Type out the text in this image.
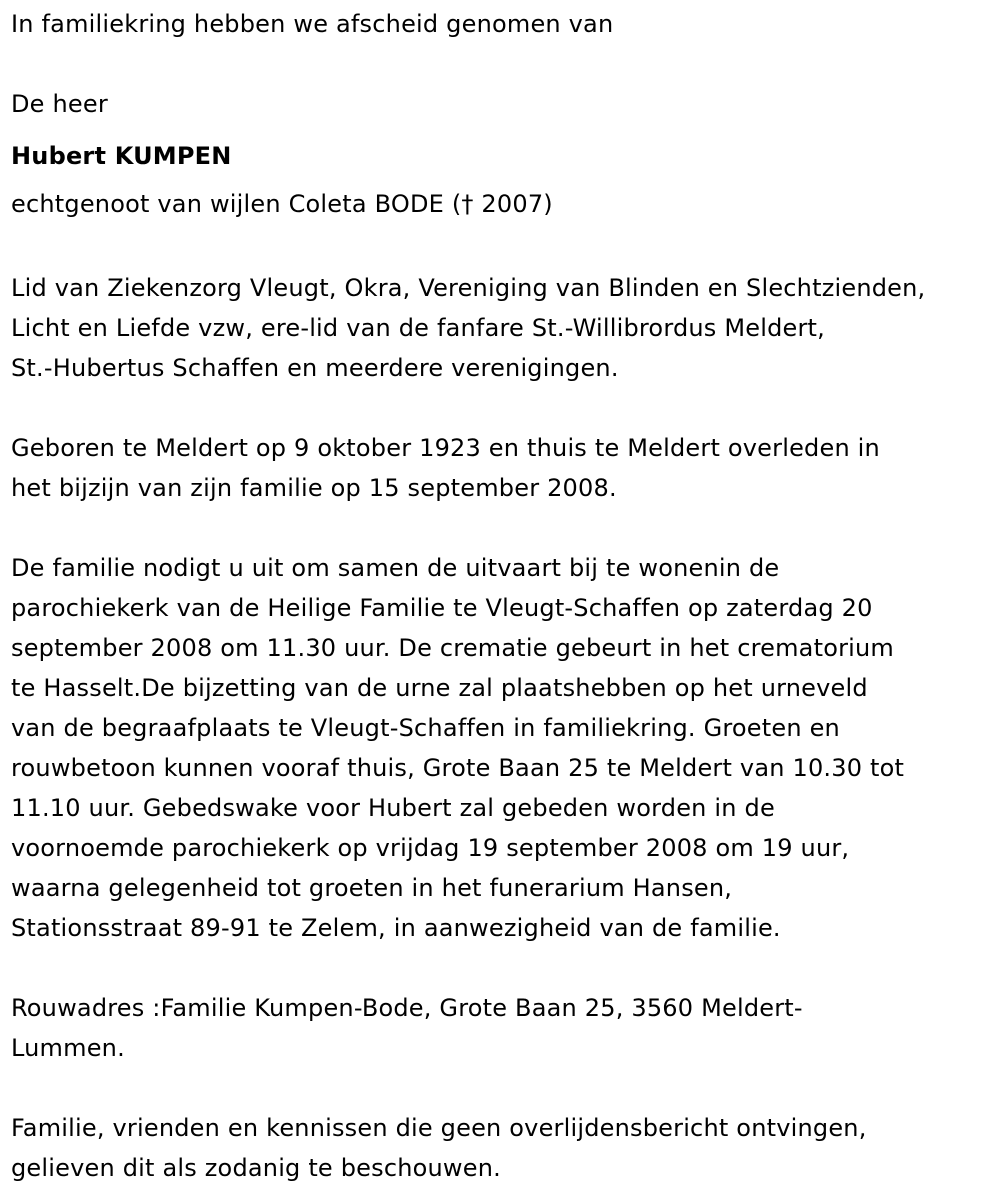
In familiekring hebben we afscheid genomen van

De heer

Hubert KUMPEN

echtgenoot van wijlen Coleta BODE († 2007)

Lid van Ziekenzorg Vleugt, Okra, Vereniging van Blinden en Slechtzienden,

Licht en Liefde vzw, ere-lid van de fanfare St.-Willibrordus Meldert,

St.-Hubertus Schaffen en meerdere verenigingen.

Geboren te Meldert op 9 oktober 1923 en thuis te Meldert overleden in

het bijzijn van zijn familie op 15 september 2008.

De familie nodigt u uit om samen de uitvaart bij te wonenin de

parochiekerk van de Heilige Familie te Vleugt-Schaffen op zaterdag 20

september 2008 om 11.30 uur. De crematie gebeurt in het crematorium

te Hasselt.De bijzetting van de urne zal plaatshebben op het urneveld

van de begraafplaats te Vleugt-Schaffen in familiekring. Groeten en

rouwbetoon kunnen vooraf thuis, Grote Baan 25 te Meldert van 10.30 tot

11.10 uur. Gebedswake voor Hubert zal gebeden worden in de

voornoemde parochiekerk op vrijdag 19 september 2008 om 19 uur,

waarna gelegenheid tot groeten in het funerarium Hansen,

Stationsstraat 89-91 te Zelem, in aanwezigheid van de familie.

Rouwadres :Familie Kumpen-Bode, Grote Baan 25, 3560 Meldert-

Lummen.

Familie, vrienden en kennissen die geen overlijdensbericht ontvingen,

gelieven dit als zodanig te beschouwen.
